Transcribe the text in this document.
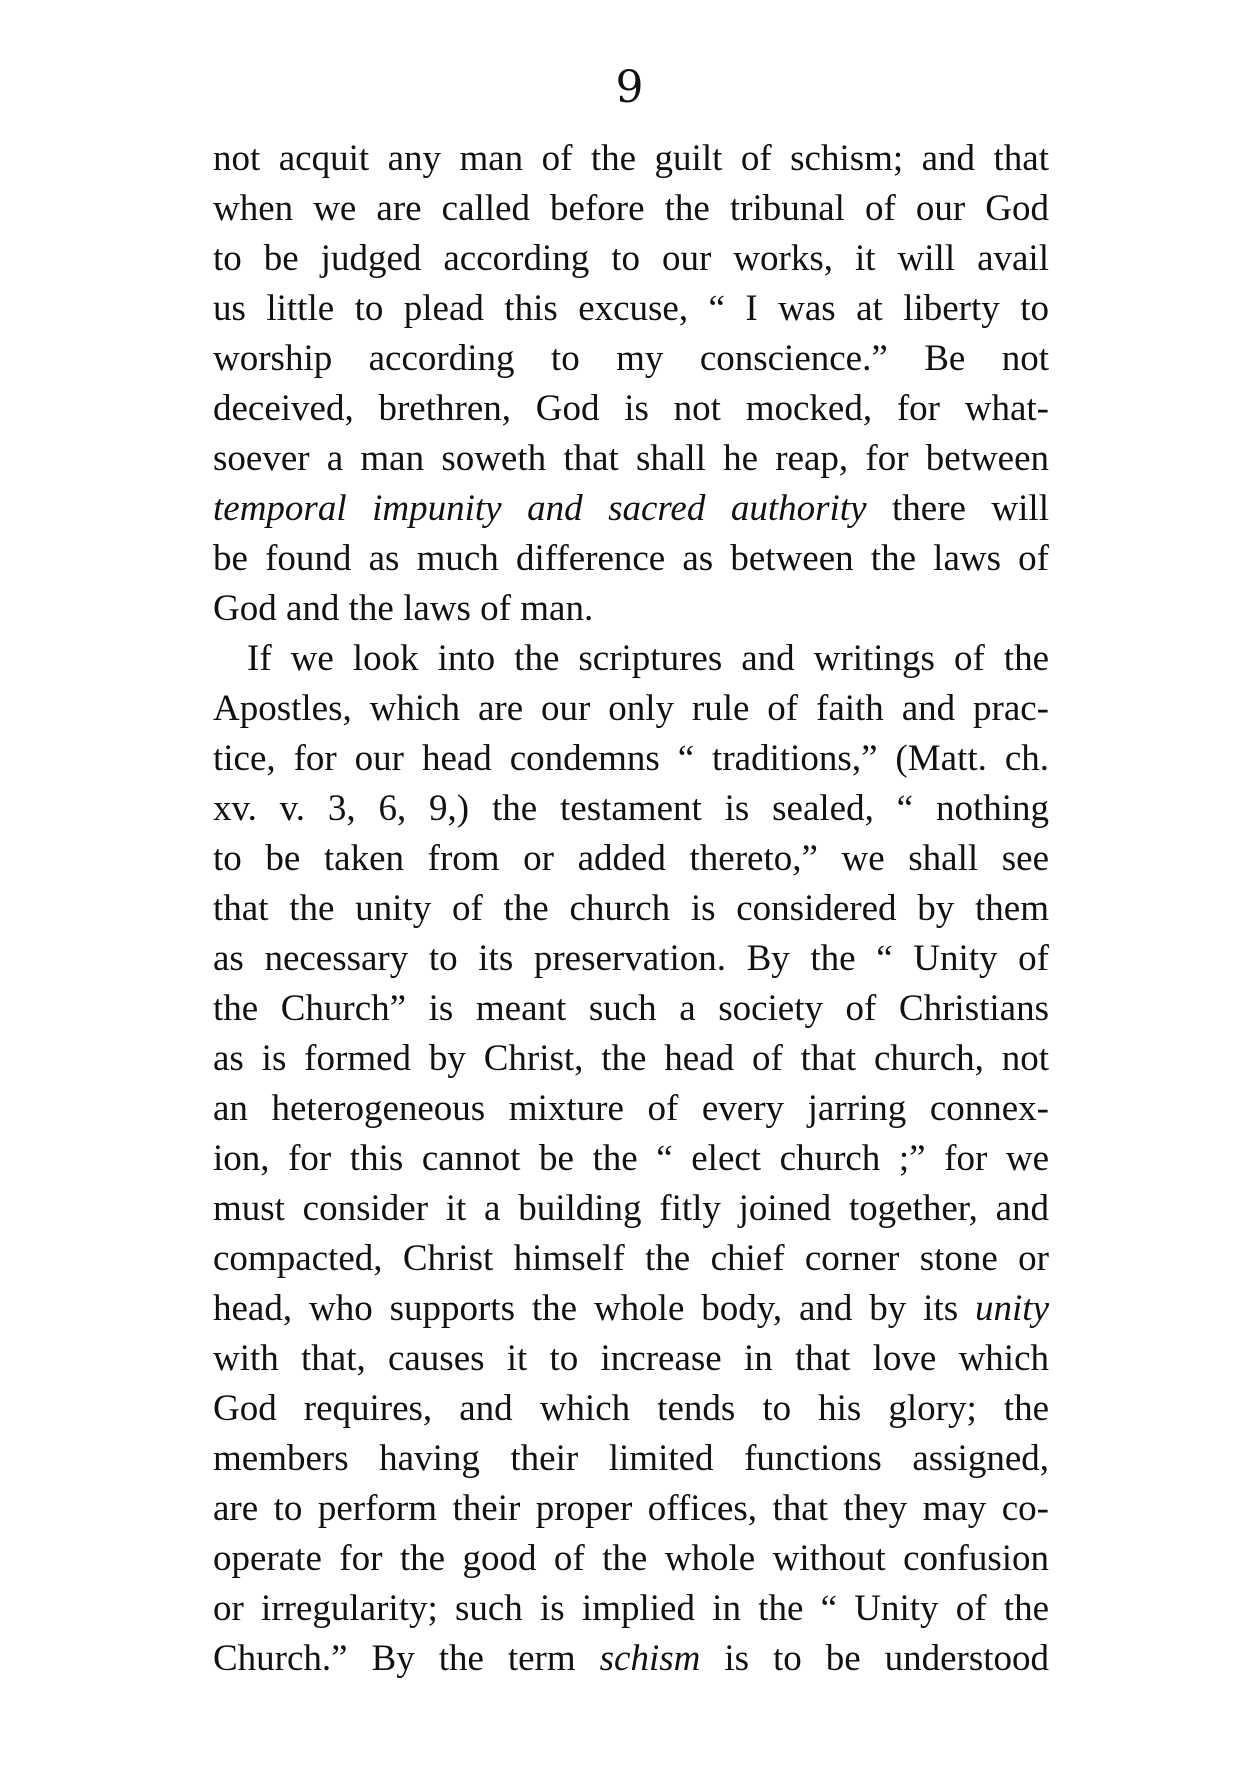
9
not acquit any man of the guilt of schism; and that
when we are called before the tribunal of our God
to be judged according to our works, it will avail
us little to plead this excuse, “ I was at liberty to
worship according to my conscience.” Be not
deceived, brethren, God is not mocked, for what-
soever a man soweth that shall he reap, for between
temporal impunity and sacred authority there will
be found as much difference as between the laws of
God and the laws of man.
If we look into the scriptures and writings of the
Apostles, which are our only rule of faith and prac-
tice, for our head condemns “ traditions,” (Matt. ch.
xv. v. 3, 6, 9,) the testament is sealed, “ nothing
to be taken from or added thereto,” we shall see
that the unity of the church is considered by them
as necessary to its preservation. By the “ Unity of
the Church” is meant such a society of Christians
as is formed by Christ, the head of that church, not
an heterogeneous mixture of every jarring connex-
ion, for this cannot be the “ elect church ;” for we
must consider it a building fitly joined together, and
compacted, Christ himself the chief corner stone or
head, who supports the whole body, and by its unity
with that, causes it to increase in that love which
God requires, and which tends to his glory; the
members having their limited functions assigned,
are to perform their proper offices, that they may co-
operate for the good of the whole without confusion
or irregularity; such is implied in the “ Unity of the
Church.” By the term schism is to be understood
